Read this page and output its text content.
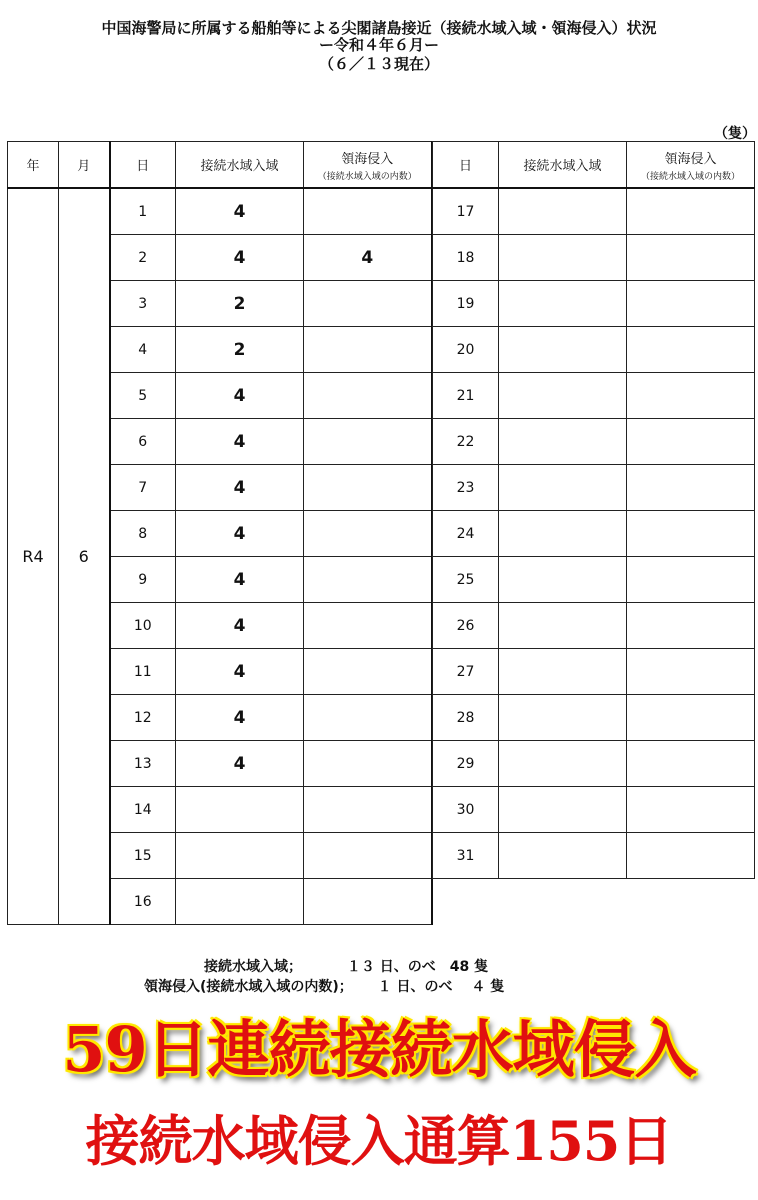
中国海警局に所属する船舶等による尖閣諸島接近（接続水域入域・領海侵入）状況
ー令和４年６月ー
（６／１３現在）
（隻）
年	月	日	接続水域入域	領海侵入
（接続水域入域の内数）

R4	6	1	4	
		2	4	4
		3	2	
		4	2	
		5	4	
		6	4	
		7	4	
		8	4	
		9	4	
		10	4	
		11	4	
		12	4	
		13	4	
		14		
		15		
		16		
日	接続水域入域	領海侵入
（接続水域入域の内数）

17		
18		
19		
20		
21		
22		
23		
24		
25		
26		
27		
28		
29		
30		
31		
接続水域入域；	１３ 日、のべ　48 隻
領海侵入(接続水域入域の内数)； １ 日、のべ　 ４ 隻
59日連続接続水域侵入
接続水域侵入通算155日
